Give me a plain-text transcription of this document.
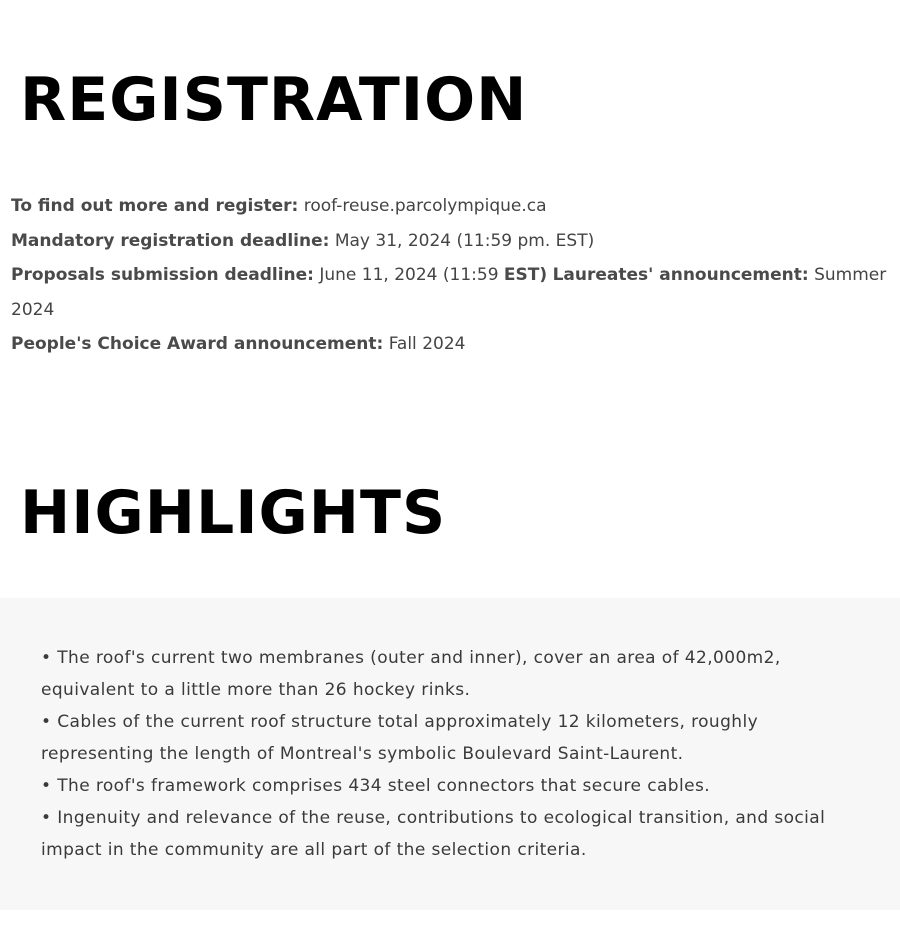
REGISTRATION

To find out more and register: roof-reuse.parcolympique.ca

Mandatory registration deadline: May 31, 2024 (11:59 pm. EST)

Proposals submission deadline: June 11, 2024 (11:59 EST) Laureates' announcement: Summer 2024

People's Choice Award announcement: Fall 2024

HIGHLIGHTS
• The roof's current two membranes (outer and inner), cover an area of 42,000m2, equivalent to a little more than 26 hockey rinks.
• Cables of the current roof structure total approximately 12 kilometers, roughly representing the length of Montreal's symbolic Boulevard Saint-Laurent.
• The roof's framework comprises 434 steel connectors that secure cables.
• Ingenuity and relevance of the reuse, contributions to ecological transition, and social impact in the community are all part of the selection criteria.
